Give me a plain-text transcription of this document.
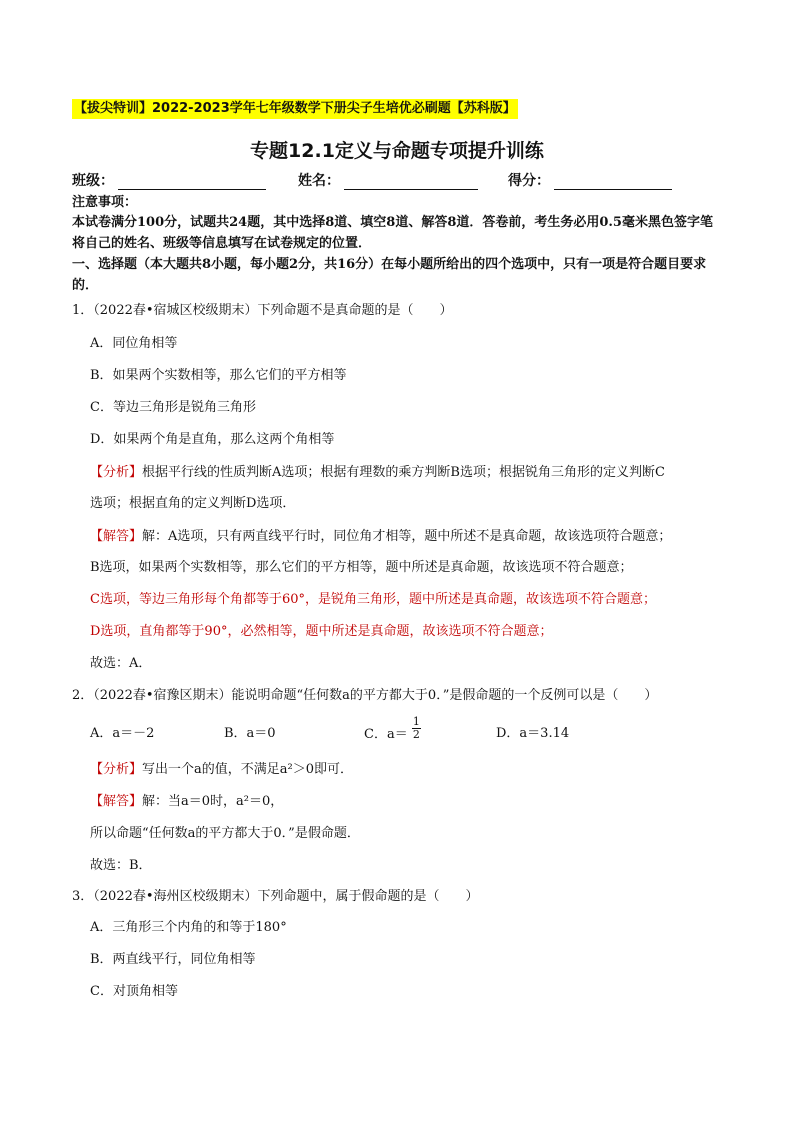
【拔尖特训】2022-2023学年七年级数学下册尖子生培优必刷题【苏科版】
专题12.1定义与命题专项提升训练
班级：	姓名：	得分：
注意事项：
本试卷满分100分，试题共24题，其中选择8道、填空8道、解答8道．答卷前，考生务必用0.5毫米黑色签字笔将自己的姓名、班级等信息填写在试卷规定的位置．
一、选择题（本大题共8小题，每小题2分，共16分）在每小题所给出的四个选项中，只有一项是符合题目要求的．
1．（2022春•宿城区校级期末）下列命题不是真命题的是（　　）
A．同位角相等
B．如果两个实数相等，那么它们的平方相等
C．等边三角形是锐角三角形
D．如果两个角是直角，那么这两个角相等
【分析】根据平行线的性质判断A选项；根据有理数的乘方判断B选项；根据锐角三角形的定义判断C
选项；根据直角的定义判断D选项．
【解答】解：A选项，只有两直线平行时，同位角才相等，题中所述不是真命题，故该选项符合题意；
B选项，如果两个实数相等，那么它们的平方相等，题中所述是真命题，故该选项不符合题意；
C选项，等边三角形每个角都等于60°，是锐角三角形，题中所述是真命题，故该选项不符合题意；
D选项，直角都等于90°，必然相等，题中所述是真命题，故该选项不符合题意；
故选：A．
2．（2022春•宿豫区期末）能说明命题“任何数a的平方都大于0．”是假命题的一个反例可以是（　　）
A．a＝－2	B．a＝0	C．$a= \frac{1}{2}$	D．a＝3.14
【分析】写出一个a的值，不满足a²＞0即可．
【解答】解：当a＝0时，a²＝0，
所以命题“任何数a的平方都大于0．”是假命题．
故选：B．
3．（2022春•海州区校级期末）下列命题中，属于假命题的是（　　）
A．三角形三个内角的和等于180°
B．两直线平行，同位角相等
C．对顶角相等
